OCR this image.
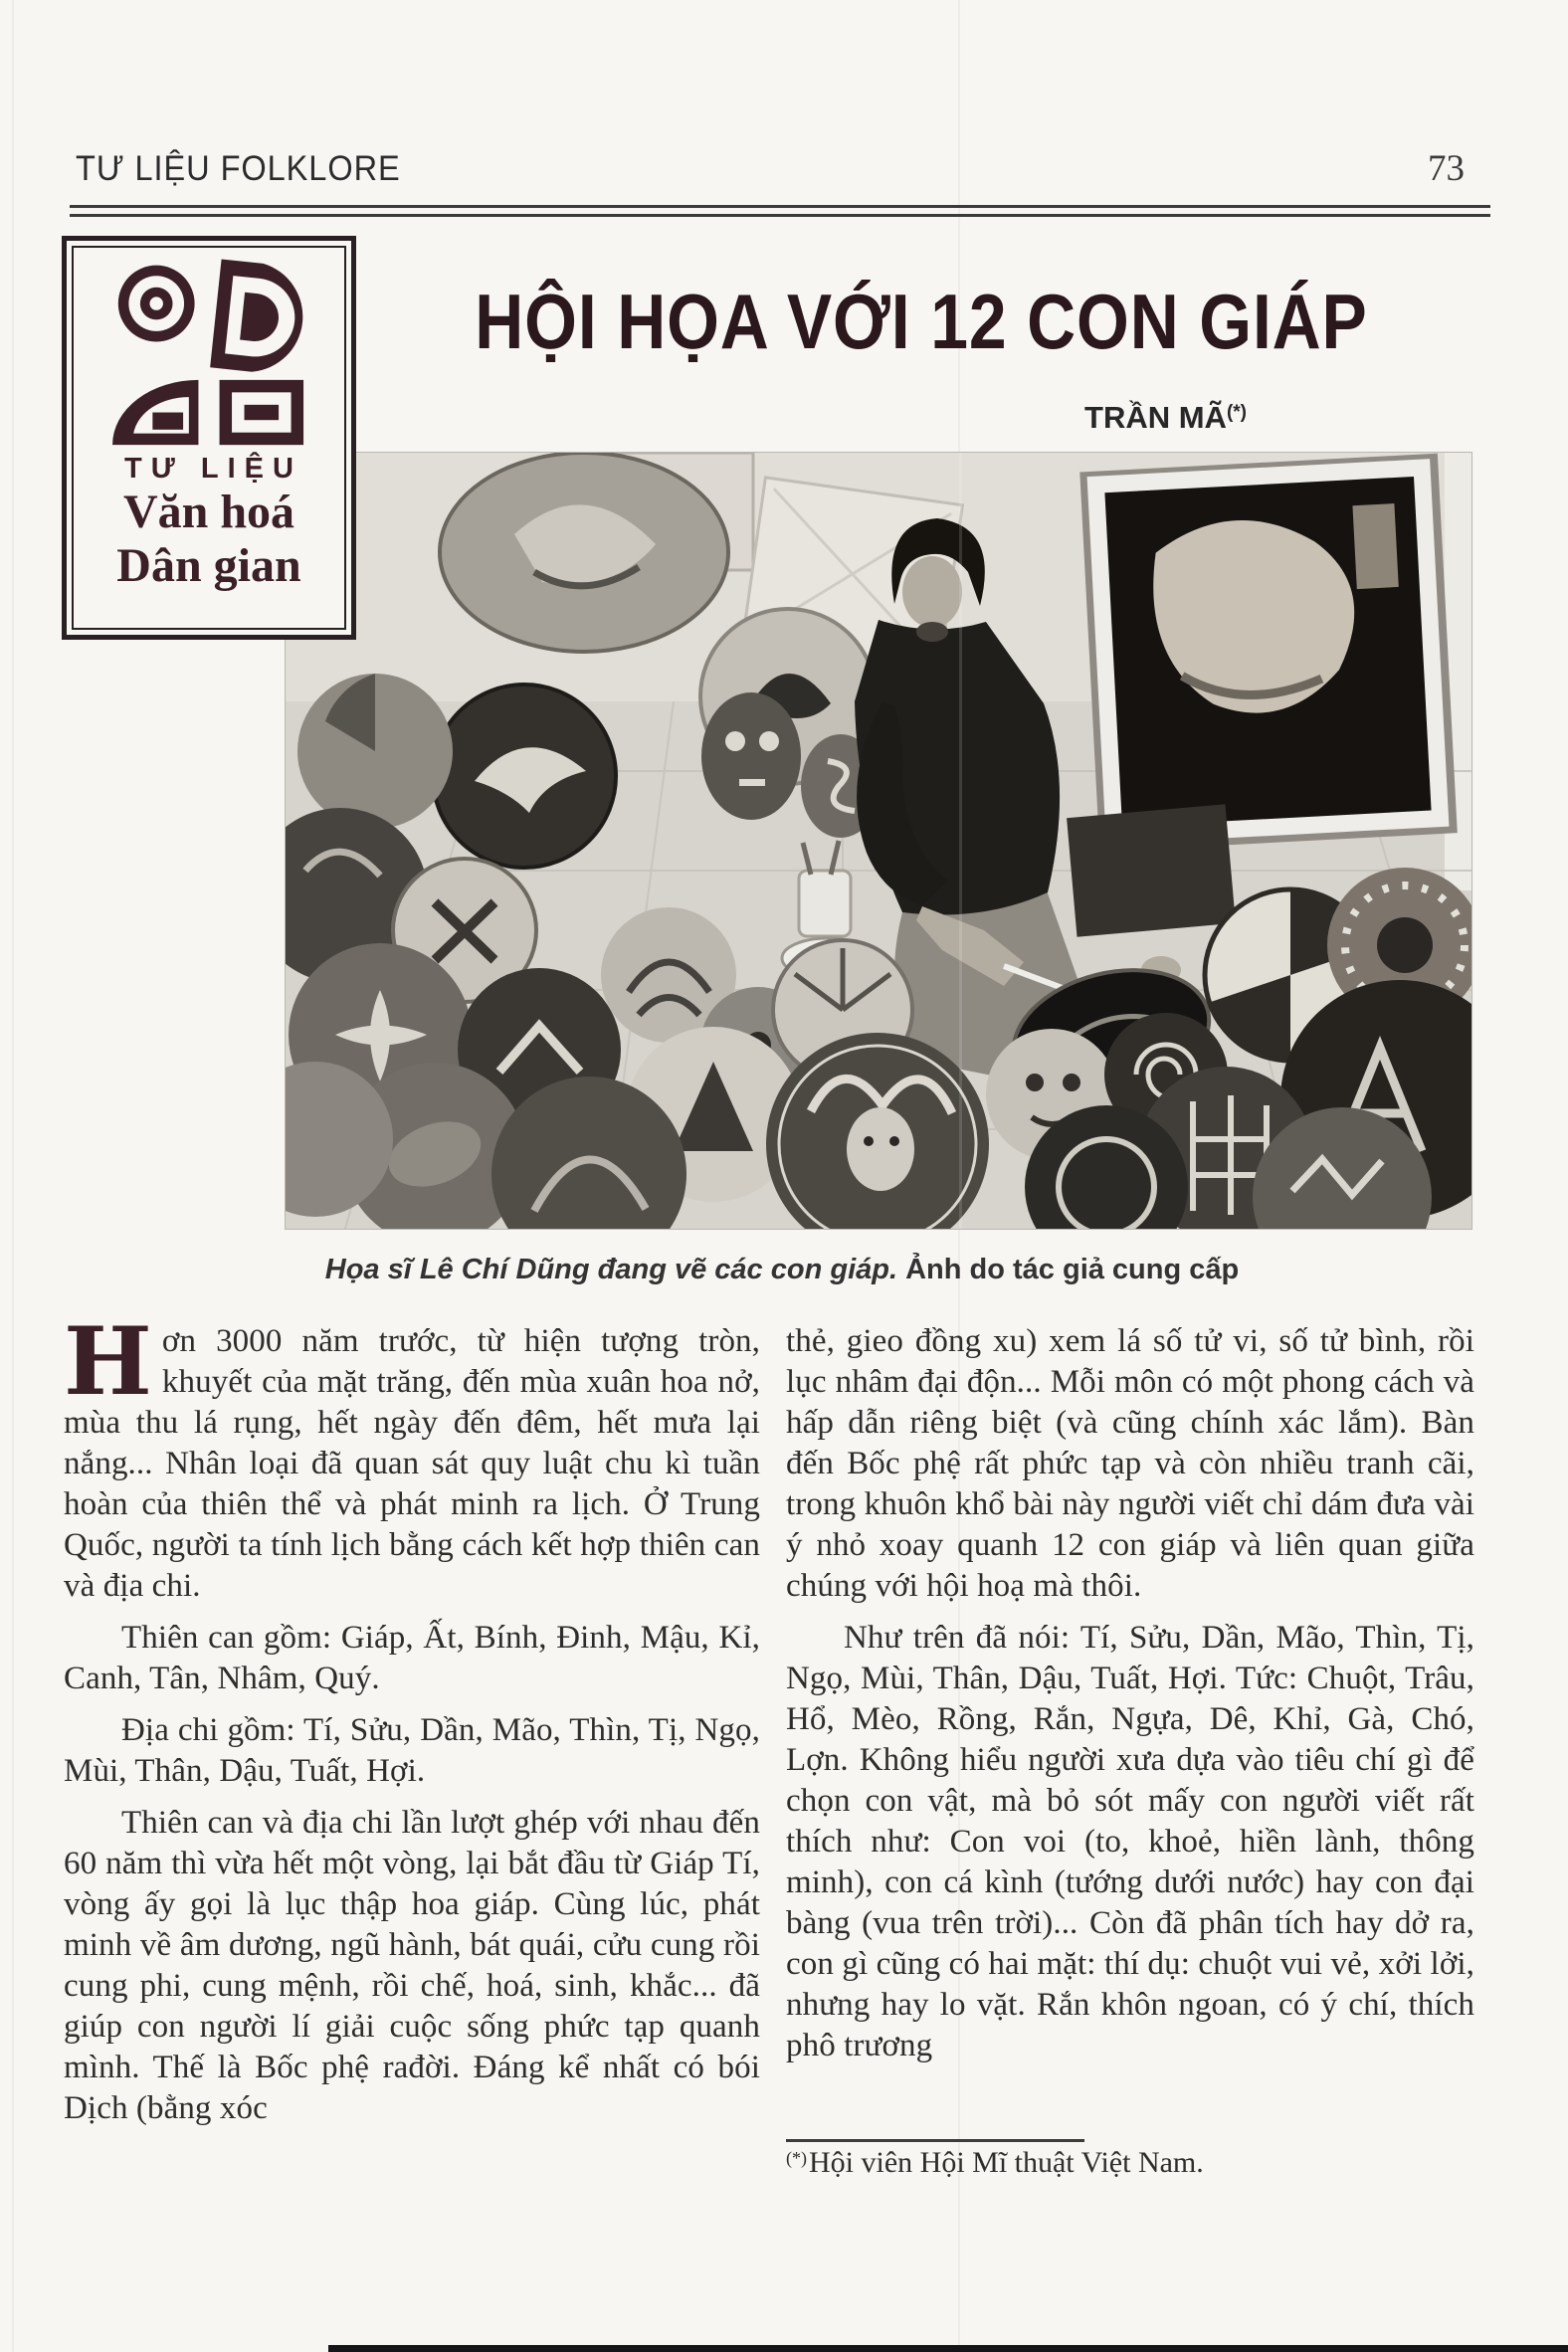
TƯ LIỆU FOLKLORE	73
TƯ LIỆU
Văn hoá
Dân gian
HỘI HỌA VỚI 12 CON GIÁP
TRẦN MÃ(*)
Họa sĩ Lê Chí Dũng đang vẽ các con giáp. Ảnh do tác giả cung cấp

Hơn 3000 năm trước, từ hiện tượng tròn, khuyết của mặt trăng, đến mùa xuân hoa nở, mùa thu lá rụng, hết ngày đến đêm, hết mưa lại nắng... Nhân loại đã quan sát quy luật chu kì tuần hoàn của thiên thể và phát minh ra lịch. Ở Trung Quốc, người ta tính lịch bằng cách kết hợp thiên can và địa chi.

Thiên can gồm: Giáp, Ất, Bính, Đinh, Mậu, Kỉ, Canh, Tân, Nhâm, Quý.

Địa chi gồm: Tí, Sửu, Dần, Mão, Thìn, Tị, Ngọ, Mùi, Thân, Dậu, Tuất, Hợi.

Thiên can và địa chi lần lượt ghép với nhau đến 60 năm thì vừa hết một vòng, lại bắt đầu từ Giáp Tí, vòng ấy gọi là lục thập hoa giáp. Cùng lúc, phát minh về âm dương, ngũ hành, bát quái, cửu cung rồi cung phi, cung mệnh, rồi chế, hoá, sinh, khắc... đã giúp con người lí giải cuộc sống phức tạp quanh mình. Thế là Bốc phệ rađời. Đáng kể nhất có bói Dịch (bằng xóc

thẻ, gieo đồng xu) xem lá số tử vi, số tử bình, rồi lục nhâm đại độn... Mỗi môn có một phong cách và hấp dẫn riêng biệt (và cũng chính xác lắm). Bàn đến Bốc phệ rất phức tạp và còn nhiều tranh cãi, trong khuôn khổ bài này người viết chỉ dám đưa vài ý nhỏ xoay quanh 12 con giáp và liên quan giữa chúng với hội hoạ mà thôi.

Như trên đã nói: Tí, Sửu, Dần, Mão, Thìn, Tị, Ngọ, Mùi, Thân, Dậu, Tuất, Hợi. Tức: Chuột, Trâu, Hổ, Mèo, Rồng, Rắn, Ngựa, Dê, Khỉ, Gà, Chó, Lợn. Không hiểu người xưa dựa vào tiêu chí gì để chọn con vật, mà bỏ sót mấy con người viết rất thích như: Con voi (to, khoẻ, hiền lành, thông minh), con cá kình (tướng dưới nước) hay con đại bàng (vua trên trời)... Còn đã phân tích hay dở ra, con gì cũng có hai mặt: thí dụ: chuột vui vẻ, xởi lởi, nhưng hay lo vặt. Rắn khôn ngoan, có ý chí, thích phô trương

(*)Hội viên Hội Mĩ thuật Việt Nam.
